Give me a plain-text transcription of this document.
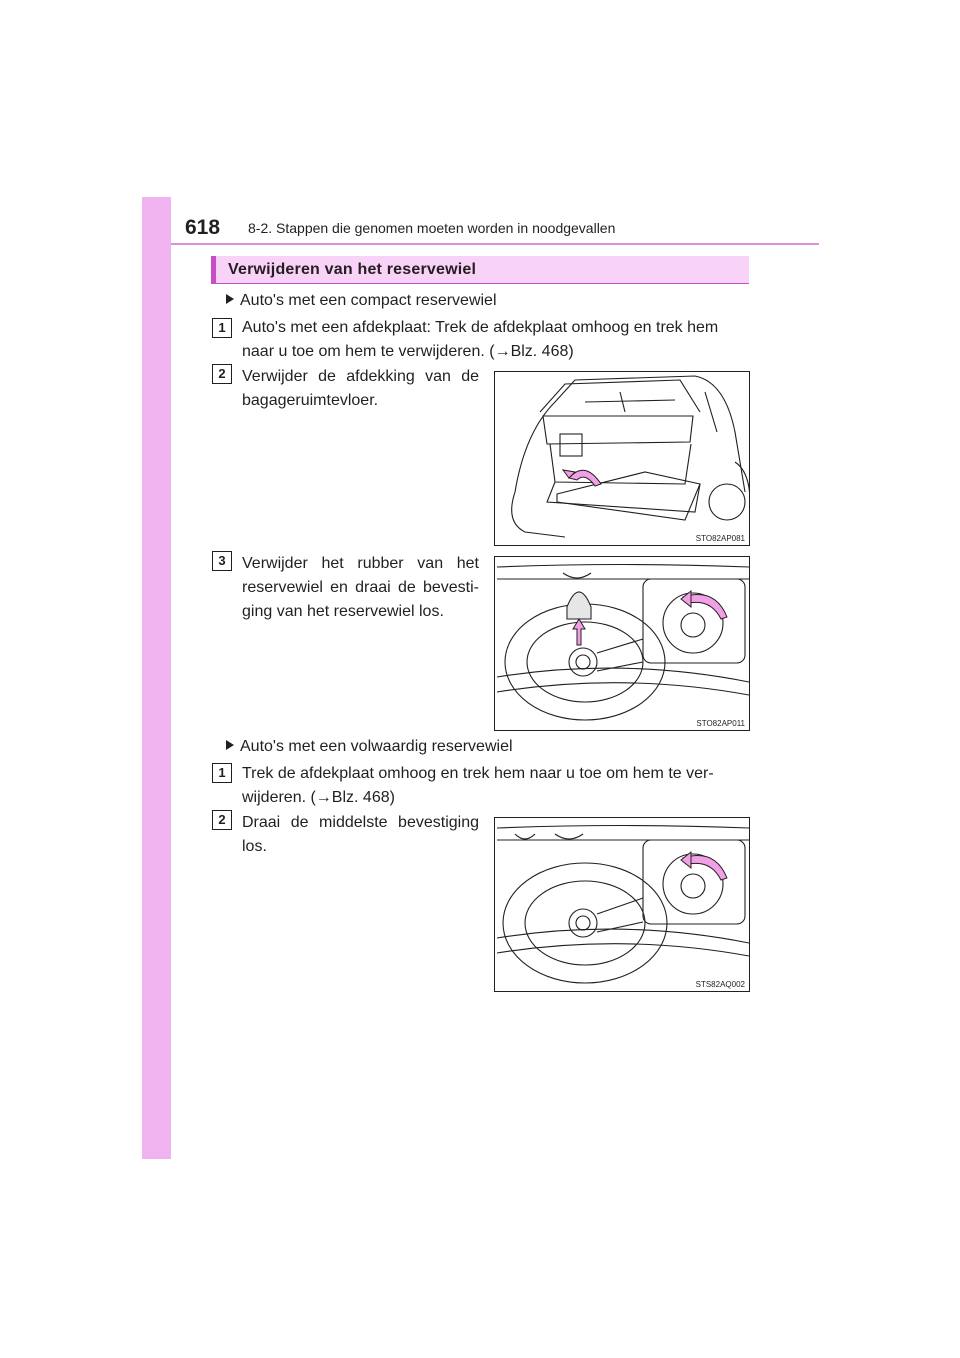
618 8-2. Stappen die genomen moeten worden in noodgevallen
Verwijderen van het reservewiel
Auto's met een compact reservewiel
1	Auto's met een afdekplaat: Trek de afdekplaat omhoog en trek hem
naar u toe om hem te verwijderen. (→Blz. 468)
2	Verwijder de afdekking van de bagageruimtevloer.
STO82AP081
3	Verwijder het rubber van het reservewiel en draai de bevesti-ging van het reservewiel los.
STO82AP011
Auto's met een volwaardig reservewiel
1	Trek de afdekplaat omhoog en trek hem naar u toe om hem te ver-
wijderen. (→Blz. 468)
2	Draai de middelste bevestiging los.
STS82AQ002
